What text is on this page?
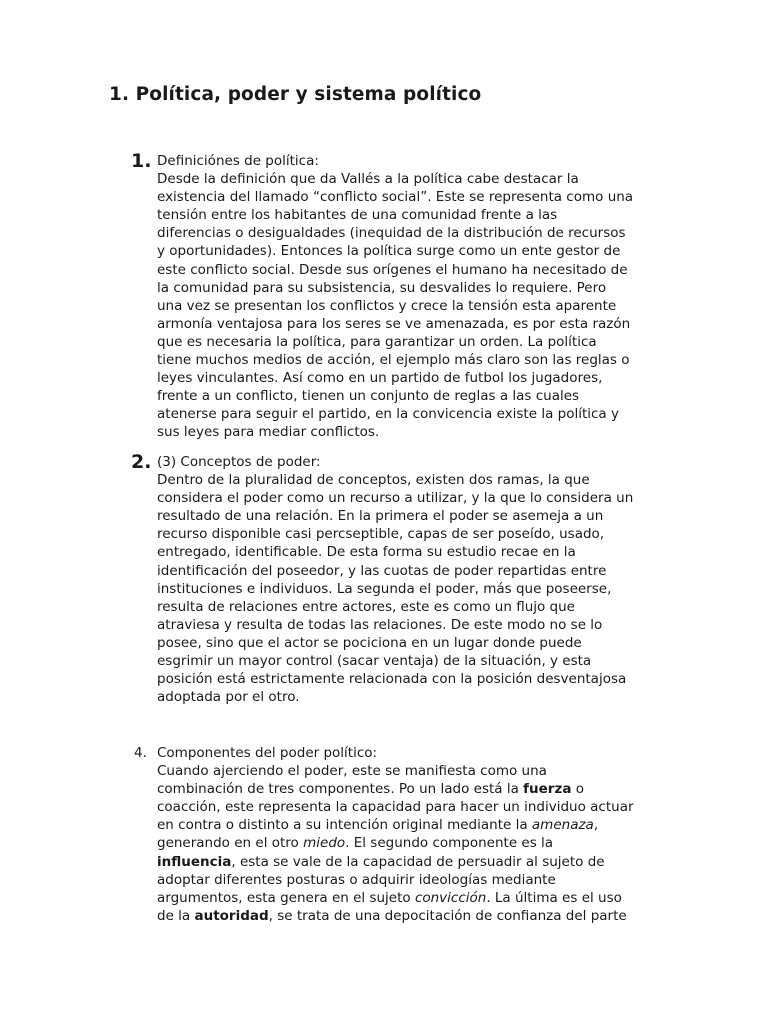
1. Política, poder y sistema político
1. Definiciónes de política:
Desde la definición que da Vallés a la política cabe destacar la
existencia del llamado “conflicto social”. Este se representa como una
tensión entre los habitantes de una comunidad frente a las
diferencias o desigualdades (inequidad de la distribución de recursos
y oportunidades). Entonces la política surge como un ente gestor de
este conflicto social. Desde sus orígenes el humano ha necesitado de
la comunidad para su subsistencia, su desvalides lo requiere. Pero
una vez se presentan los conflictos y crece la tensión esta aparente
armonía ventajosa para los seres se ve amenazada, es por esta razón
que es necesaria la política, para garantizar un orden. La política
tiene muchos medios de acción, el ejemplo más claro son las reglas o
leyes vinculantes. Así como en un partido de futbol los jugadores,
frente a un conflicto, tienen un conjunto de reglas a las cuales
atenerse para seguir el partido, en la convicencia existe la política y
sus leyes para mediar conflictos.
2. (3) Conceptos de poder:
Dentro de la pluralidad de conceptos, existen dos ramas, la que
considera el poder como un recurso a utilizar, y la que lo considera un
resultado de una relación. En la primera el poder se asemeja a un
recurso disponible casi percseptible, capas de ser poseído, usado,
entregado, identificable. De esta forma su estudio recae en la
identificación del poseedor, y las cuotas de poder repartidas entre
instituciones e individuos. La segunda el poder, más que poseerse,
resulta de relaciones entre actores, este es como un flujo que
atraviesa y resulta de todas las relaciones. De este modo no se lo
posee, sino que el actor se pociciona en un lugar donde puede
esgrimir un mayor control (sacar ventaja) de la situación, y esta
posición está estrictamente relacionada con la posición desventajosa
adoptada por el otro.
4. Componentes del poder político:
Cuando ajerciendo el poder, este se manifiesta como una
combinación de tres componentes. Po un lado está la fuerza o
coacción, este representa la capacidad para hacer un individuo actuar
en contra o distinto a su intención original mediante la amenaza,
generando en el otro miedo. El segundo componente es la
influencia, esta se vale de la capacidad de persuadir al sujeto de
adoptar diferentes posturas o adquirir ideologías mediante
argumentos, esta genera en el sujeto convicción. La última es el uso
de la autoridad, se trata de una depocitación de confianza del parte
